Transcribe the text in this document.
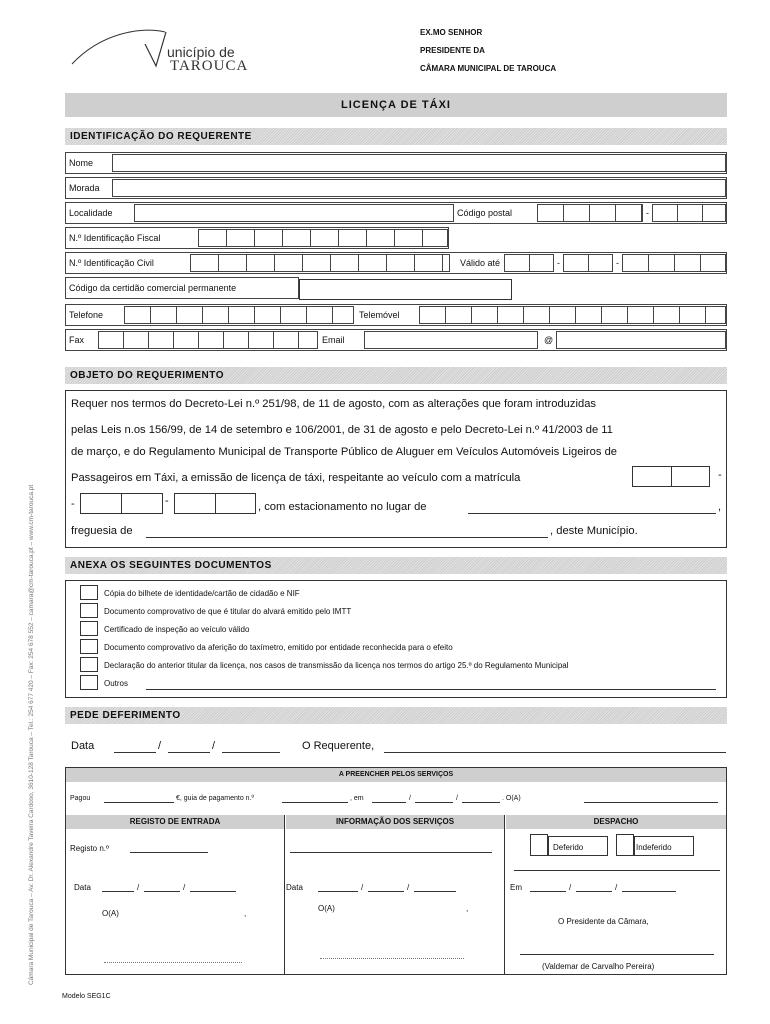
Câmara Municipal de Tarouca – Av. Dr. Alexandre Taveira Cardoso, 3610-128 Tarouca – Tel.: 254 677 420 – Fax: 254 678 552 – camara@cm-tarouca.pt – www.cm-tarouca.pt
unicípio de
TAROUCA
EX.MO SENHOR
PRESIDENTE DA
CÂMARA MUNICIPAL DE TAROUCA
LICENÇA DE TÁXI
IDENTIFICAÇÃO DO REQUERENTE
Nome
Morada
Localidade	Código postal	-
N.º Identificação Fiscal
N.º Identificação Civil	Válido até	-	-
Código da certidão comercial permanente
Telefone	Telemóvel
Fax	Email	@
OBJETO DO REQUERIMENTO
Requer nos termos do Decreto-Lei n.º 251/98, de 11 de agosto, com as alterações que foram introduzidas
pelas Leis n.os 156/99, de 14 de setembro e 106/2001, de 31 de agosto e pelo Decreto-Lei n.º 41/2003 de 11
de março, e do Regulamento Municipal de Transporte Público de Aluguer em Veículos Automóveis Ligeiros de
Passageiros em Táxi, a emissão de licença de táxi, respeitante ao veículo com a matrícula	-
-	-	, com estacionamento no lugar de	,
freguesia de	, deste Município.
ANEXA OS SEGUINTES DOCUMENTOS
Cópia do bilhete de identidade/cartão de cidadão e NIF
Documento comprovativo de que é titular do alvará emitido pelo IMTT
Certificado de inspeção ao veículo válido
Documento comprovativo da aferição do taxímetro, emitido por entidade reconhecida para o efeito
Declaração do anterior titular da licença, nos casos de transmissão da licença nos termos do artigo 25.º do Regulamento Municipal
Outros
PEDE DEFERIMENTO
Data	/	/	O Requerente,
A PREENCHER PELOS SERVIÇOS
Pagou	€, guia de pagamento n.º	, em	/	/	. O(A)
REGISTO DE ENTRADA	INFORMAÇÃO DOS SERVIÇOS	DESPACHO
Registo n.º
Data	/	/
O(A)	,
Data	/	/
O(A)	,
Deferido	Indeferido
Em	/	/
O Presidente da Câmara,
(Valdemar de Carvalho Pereira)
Modelo SEG1C
